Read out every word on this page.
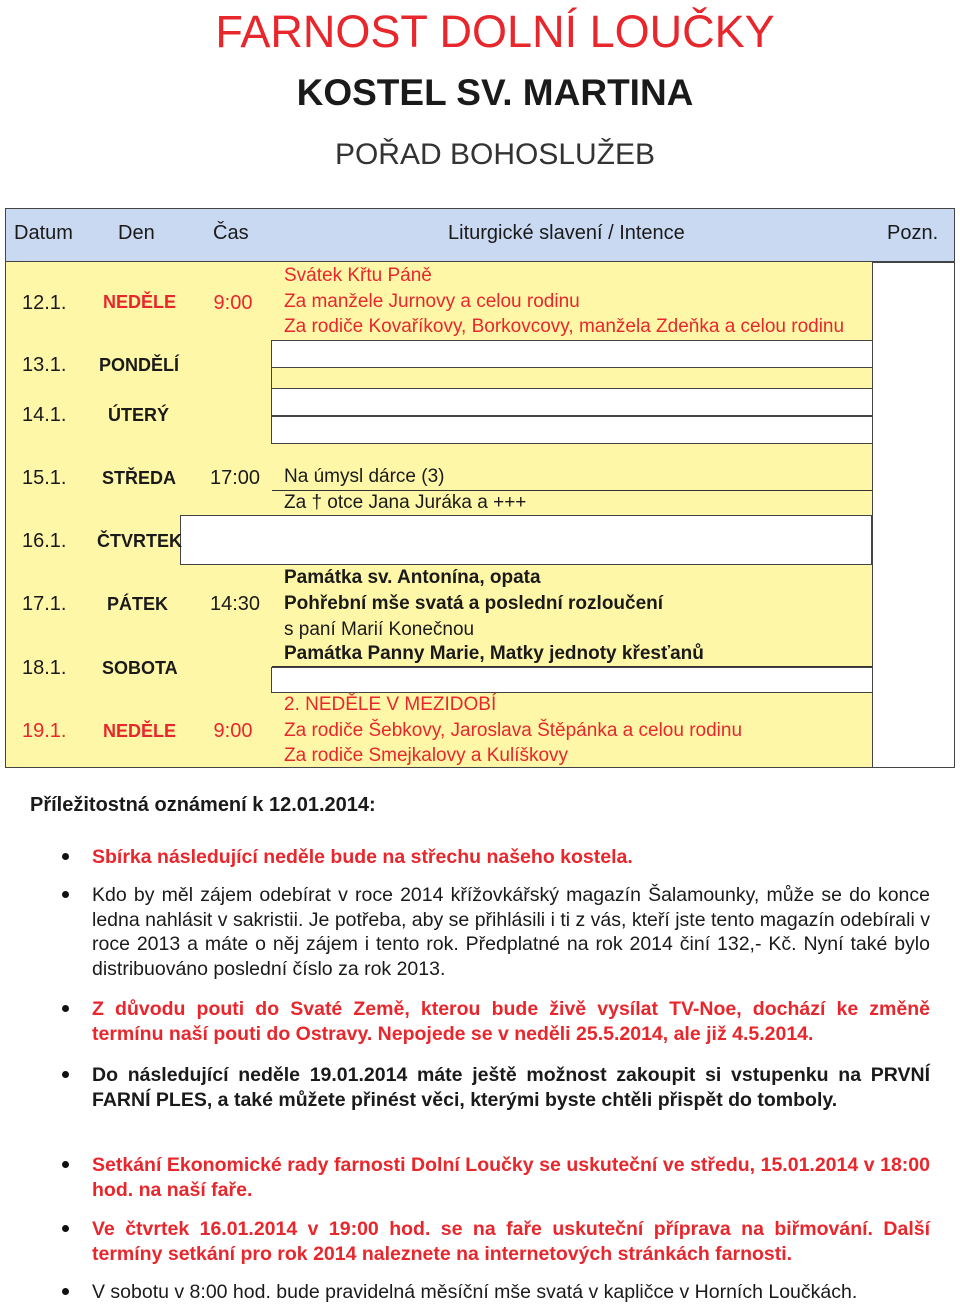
FARNOST DOLNÍ LOUČKY
KOSTEL SV. MARTINA
POŘAD BOHOSLUŽEB
Datum Den	Čas	Liturgické slavení / Intence	Pozn.
12.1. NEDĚLE	9:00
Svátek Křtu Páně
Za manžele Jurnovy a celou rodinu
Za rodiče Kovaříkovy, Borkovcovy, manžela Zdeňka a celou rodinu
13.1. PONDĚLÍ
14.1. ÚTERÝ
15.1. STŘEDA	17:00	Na úmysl dárce (3)
Za † otce Jana Juráka a +++
16.1. ČTVRTEK
17.1. PÁTEK	14:30
Památka sv. Antonína, opata
Pohřební mše svatá a poslední rozloučení
s paní Marií Konečnou
18.1. SOBOTA
Památka Panny Marie, Matky jednoty křesťanů
19.1. NEDĚLE	9:00
2. NEDĚLE V MEZIDOBÍ
Za rodiče Šebkovy, Jaroslava Štěpánka a celou rodinu
Za rodiče Smejkalovy a Kulíškovy
Příležitostná oznámení k 12.01.2014:
Sbírka následující neděle bude na střechu našeho kostela.
Kdo by měl zájem odebírat v roce 2014 křížovkářský magazín Šalamounky, může se do konce ledna nahlásit v sakristii. Je potřeba, aby se přihlásili i ti z vás, kteří jste tento magazín odebírali v roce 2013 a máte o něj zájem i tento rok. Předplatné na rok 2014 činí 132,- Kč. Nyní také bylo distribuováno poslední číslo za rok 2013.
Z důvodu pouti do Svaté Země, kterou bude živě vysílat TV-Noe, dochází ke změně termínu naší pouti do Ostravy. Nepojede se v neděli 25.5.2014, ale již 4.5.2014.
Do následující neděle 19.01.2014 máte ještě možnost zakoupit si vstupenku na PRVNÍ FARNÍ PLES, a také můžete přinést věci, kterými byste chtěli přispět do tomboly.
Setkání Ekonomické rady farnosti Dolní Loučky se uskuteční ve středu, 15.01.2014 v 18:00 hod. na naší faře.
Ve čtvrtek 16.01.2014 v 19:00 hod. se na faře uskuteční příprava na biřmování. Další termíny setkání pro rok 2014 naleznete na internetových stránkách farnosti.
V sobotu v 8:00 hod. bude pravidelná měsíční mše svatá v kapličce v Horních Loučkách.
